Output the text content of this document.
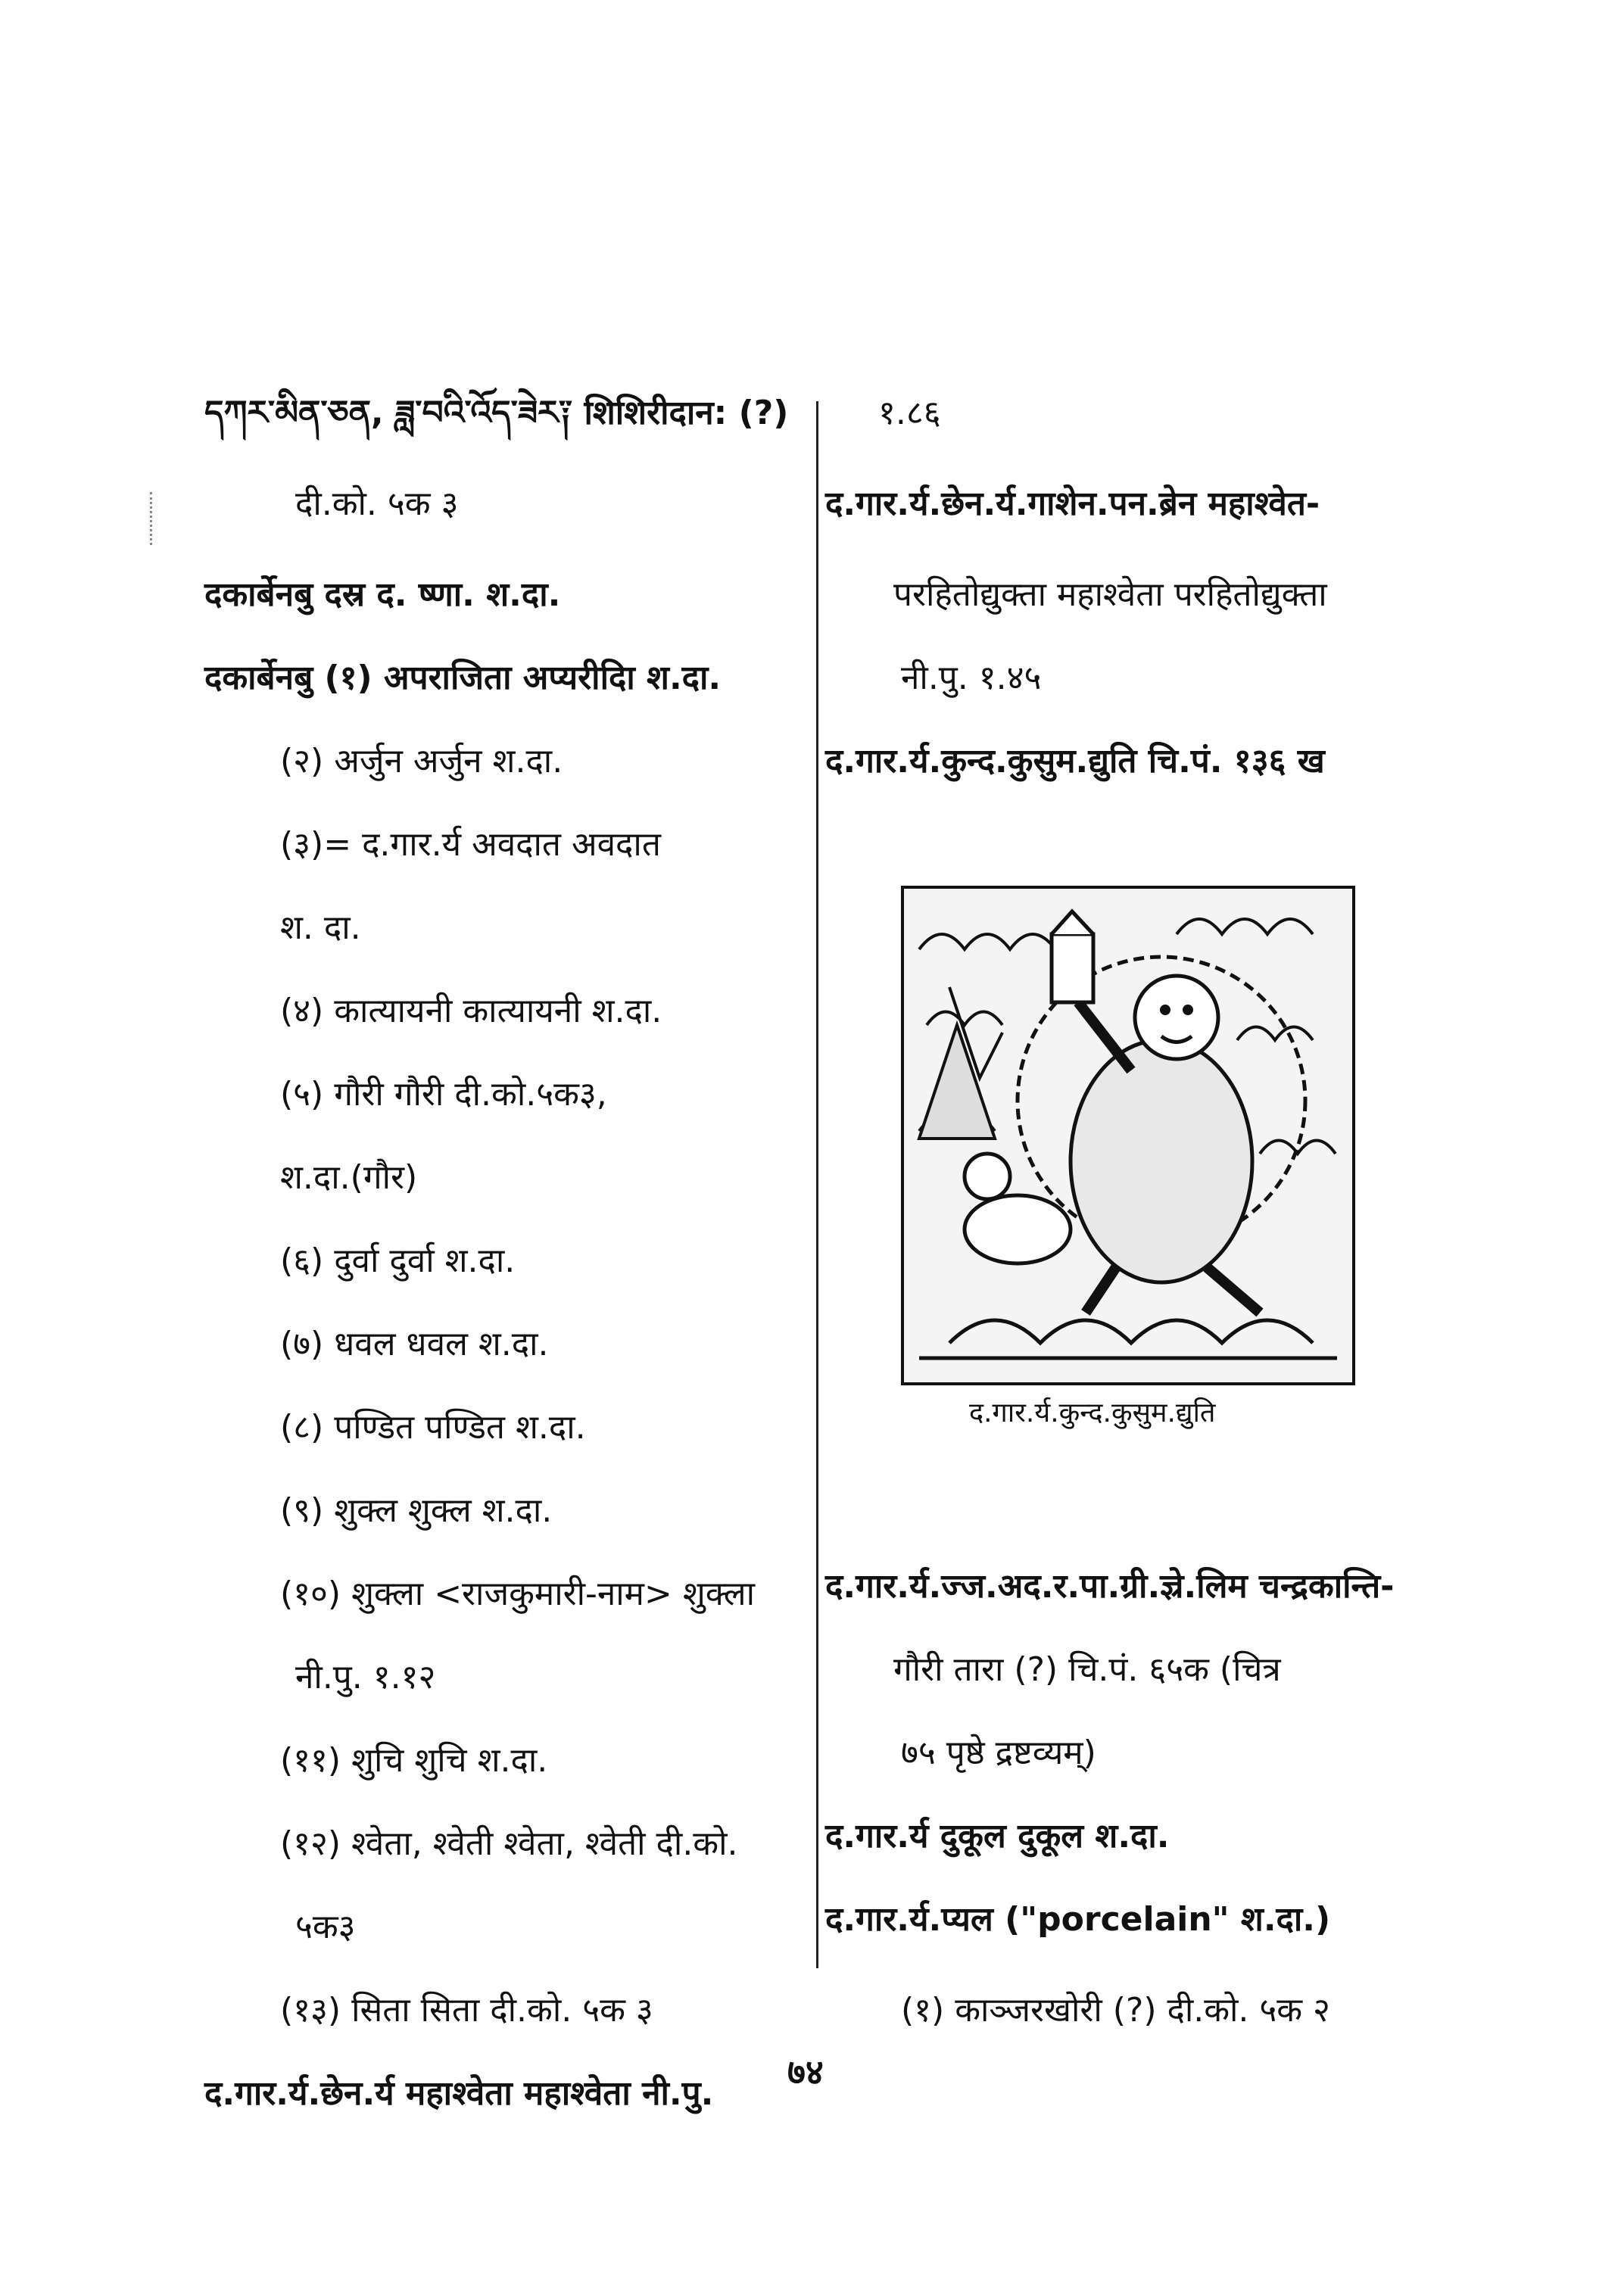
དཀར་མིན་ཅན, ཟླ་བའི་འོད་ཟེར༑ शिशिरीदान: (?)
दी.को. ५क ३
दकार्बेनबु दस्र द. ष्णा. श.दा.
दकार्बेनबु (१) अपराजिता अप्यरीदिा श.दा.
(२) अर्जुन अर्जुन श.दा.
(३)= द.गार.र्य अवदात अवदात
श. दा.
(४) कात्यायनी कात्यायनी श.दा.
(५) गौरी गौरी दी.को.५क३,
श.दा.(गौर)
(६) दुर्वा दुर्वा श.दा.
(७) धवल धवल श.दा.
(८) पण्डित पण्डित श.दा.
(९) शुक्ल शुक्ल श.दा.
(१०) शुक्ला <राजकुमारी-नाम> शुक्ला
नी.पु. १.१२
(११) शुचि शुचि श.दा.
(१२) श्वेता, श्वेती श्वेता, श्वेती दी.को.
५क३
(१३) सिता सिता दी.को. ५क ३
द.गार.र्य.छेन.र्य महाश्वेता महाश्वेता नी.पु.
१.८६
द.गार.र्य.छेन.र्य.गाशेन.पन.ब्रेन महाश्वेत-
परहितोद्युक्ता महाश्वेता परहितोद्युक्ता
नी.पु. १.४५
द.गार.र्य.कुन्द.कुसुम.द्युति चि.पं. १३६ ख
द.गार.र्य.ज्ज.अद.र.पा.ग्री.ज्ञ्रे.लिम चन्द्रकान्ति-
गौरी तारा (?) चि.पं. ६५क (चित्र
७५ पृष्ठे द्रष्टव्यम्)
द.गार.र्य दुकूल दुकूल श.दा.
द.गार.र्य.प्यल ("porcelain" श.दा.)
(१) काञ्जरखोरी (?) दी.को. ५क २
द.गार.र्य.कुन्द.कुसुम.द्युति
७४
